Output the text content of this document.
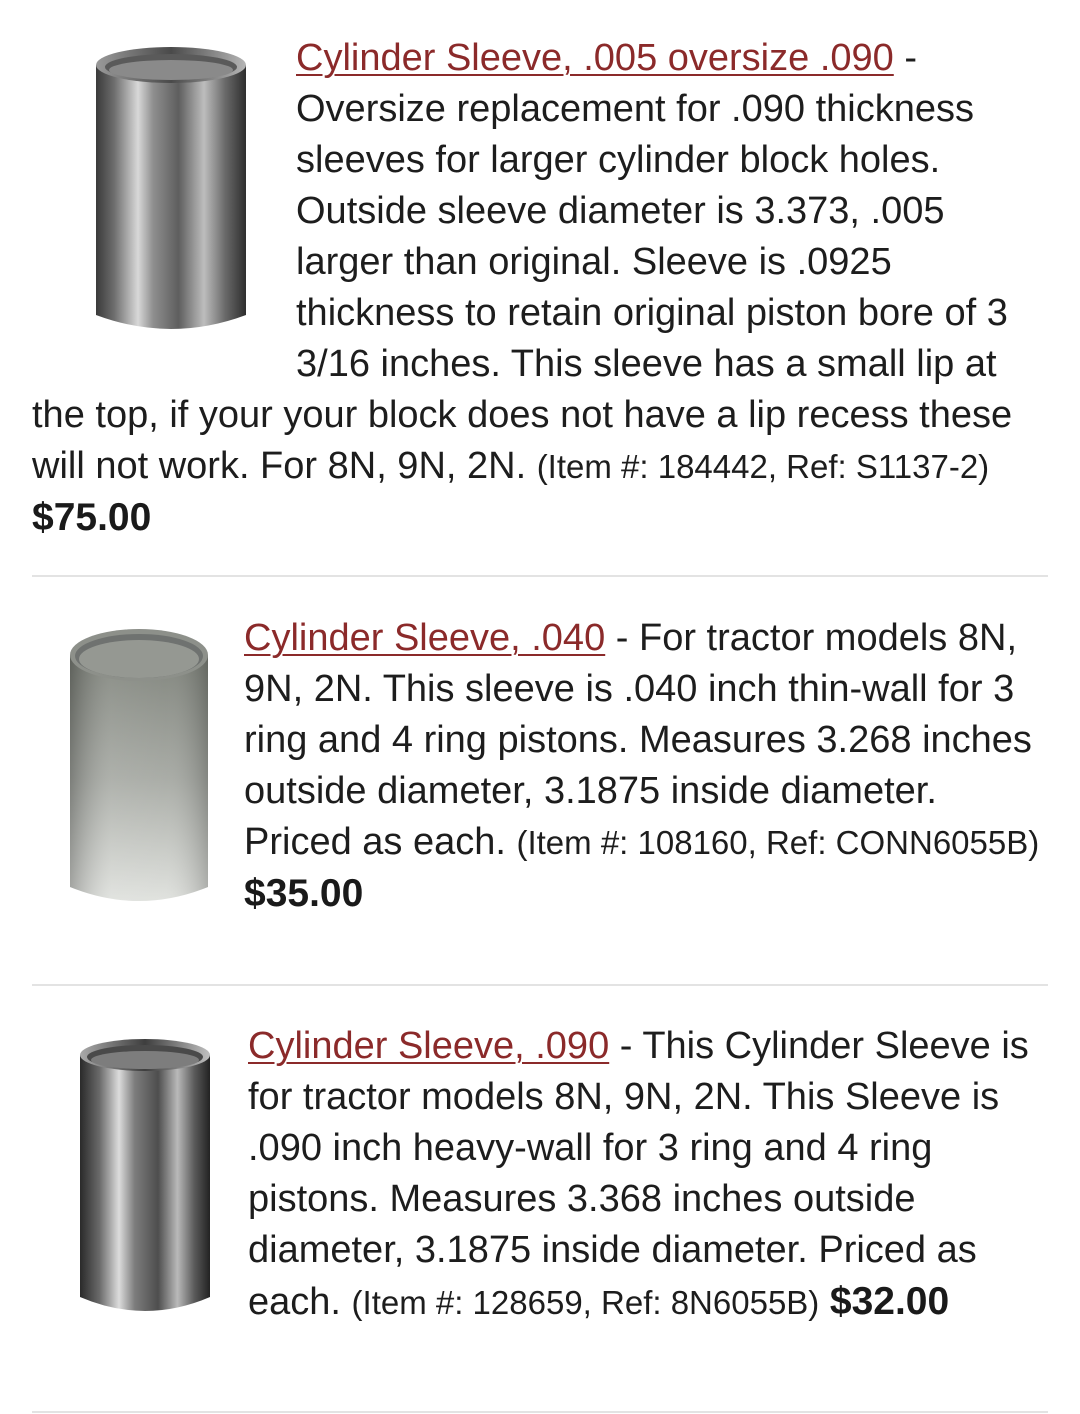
Cylinder Sleeve, .005 oversize .090 - Oversize replacement for .090 thickness sleeves for larger cylinder block holes. Outside sleeve diameter is 3.373, .005 larger than original. Sleeve is .0925 thickness to retain original piston bore of 3 3/16 inches. This sleeve has a small lip at the top, if your your block does not have a lip recess these will not work. For 8N, 9N, 2N. (Item #: 184442, Ref: S1137-2) $75.00
Cylinder Sleeve, .040 - For tractor models 8N, 9N, 2N. This sleeve is .040 inch thin-wall for 3 ring and 4 ring pistons. Measures 3.268 inches outside diameter, 3.1875 inside diameter. Priced as each. (Item #: 108160, Ref: CONN6055B) $35.00
Cylinder Sleeve, .090 - This Cylinder Sleeve is for tractor models 8N, 9N, 2N. This Sleeve is .090 inch heavy-wall for 3 ring and 4 ring pistons. Measures 3.368 inches outside diameter, 3.1875 inside diameter. Priced as each. (Item #: 128659, Ref: 8N6055B) $32.00
